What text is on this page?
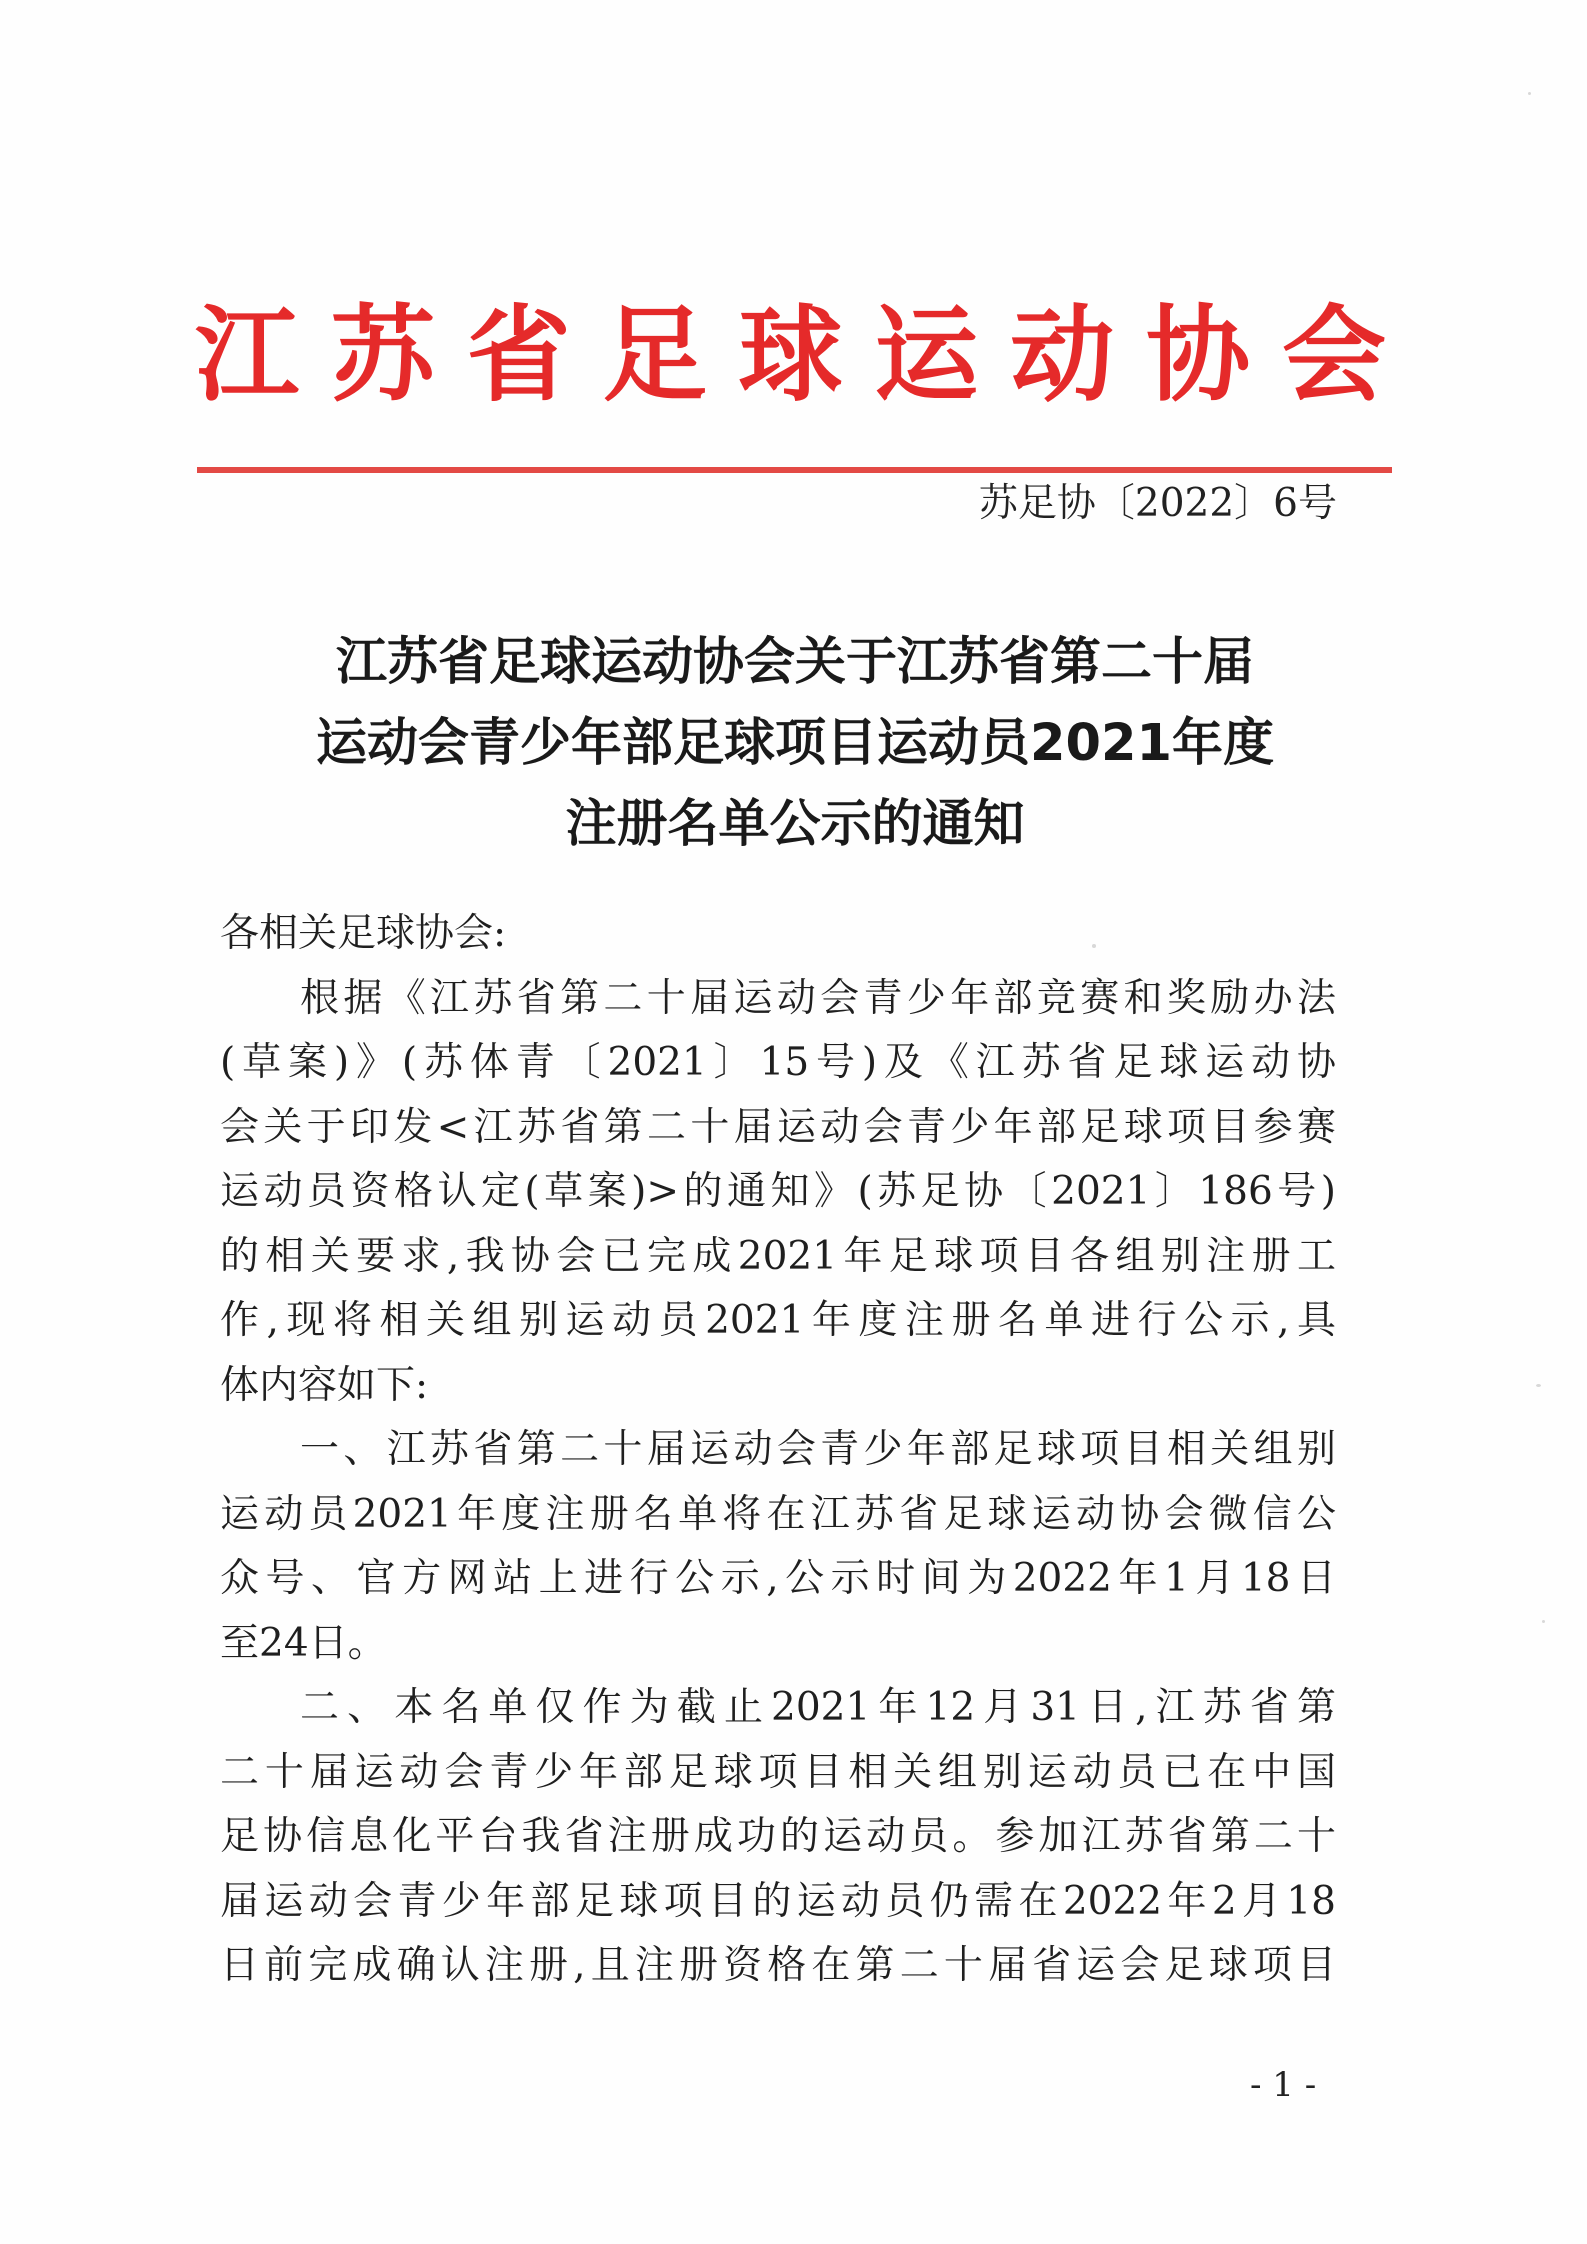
江苏省足球运动协会
苏足协〔2022〕6号
江苏省足球运动协会关于江苏省第二十届
运动会青少年部足球项目运动员2021年度
注册名单公示的通知
各相关足球协会:
根据《江苏省第二十届运动会青少年部竞赛和奖励办法
(草案)》(苏体青〔2021〕15号)及《江苏省足球运动协
会关于印发<江苏省第二十届运动会青少年部足球项目参赛
运动员资格认定(草案)>的通知》(苏足协〔2021〕186号)
的相关要求,我协会已完成2021年足球项目各组别注册工
作,现将相关组别运动员2021年度注册名单进行公示,具
体内容如下:
一、江苏省第二十届运动会青少年部足球项目相关组别
运动员2021年度注册名单将在江苏省足球运动协会微信公
众号、官方网站上进行公示,公示时间为2022年1月18日
至24日。
二、本名单仅作为截止2021年12月31日,江苏省第
二十届运动会青少年部足球项目相关组别运动员已在中国
足协信息化平台我省注册成功的运动员。参加江苏省第二十
届运动会青少年部足球项目的运动员仍需在2022年2月18
日前完成确认注册,且注册资格在第二十届省运会足球项目
- 1 -
